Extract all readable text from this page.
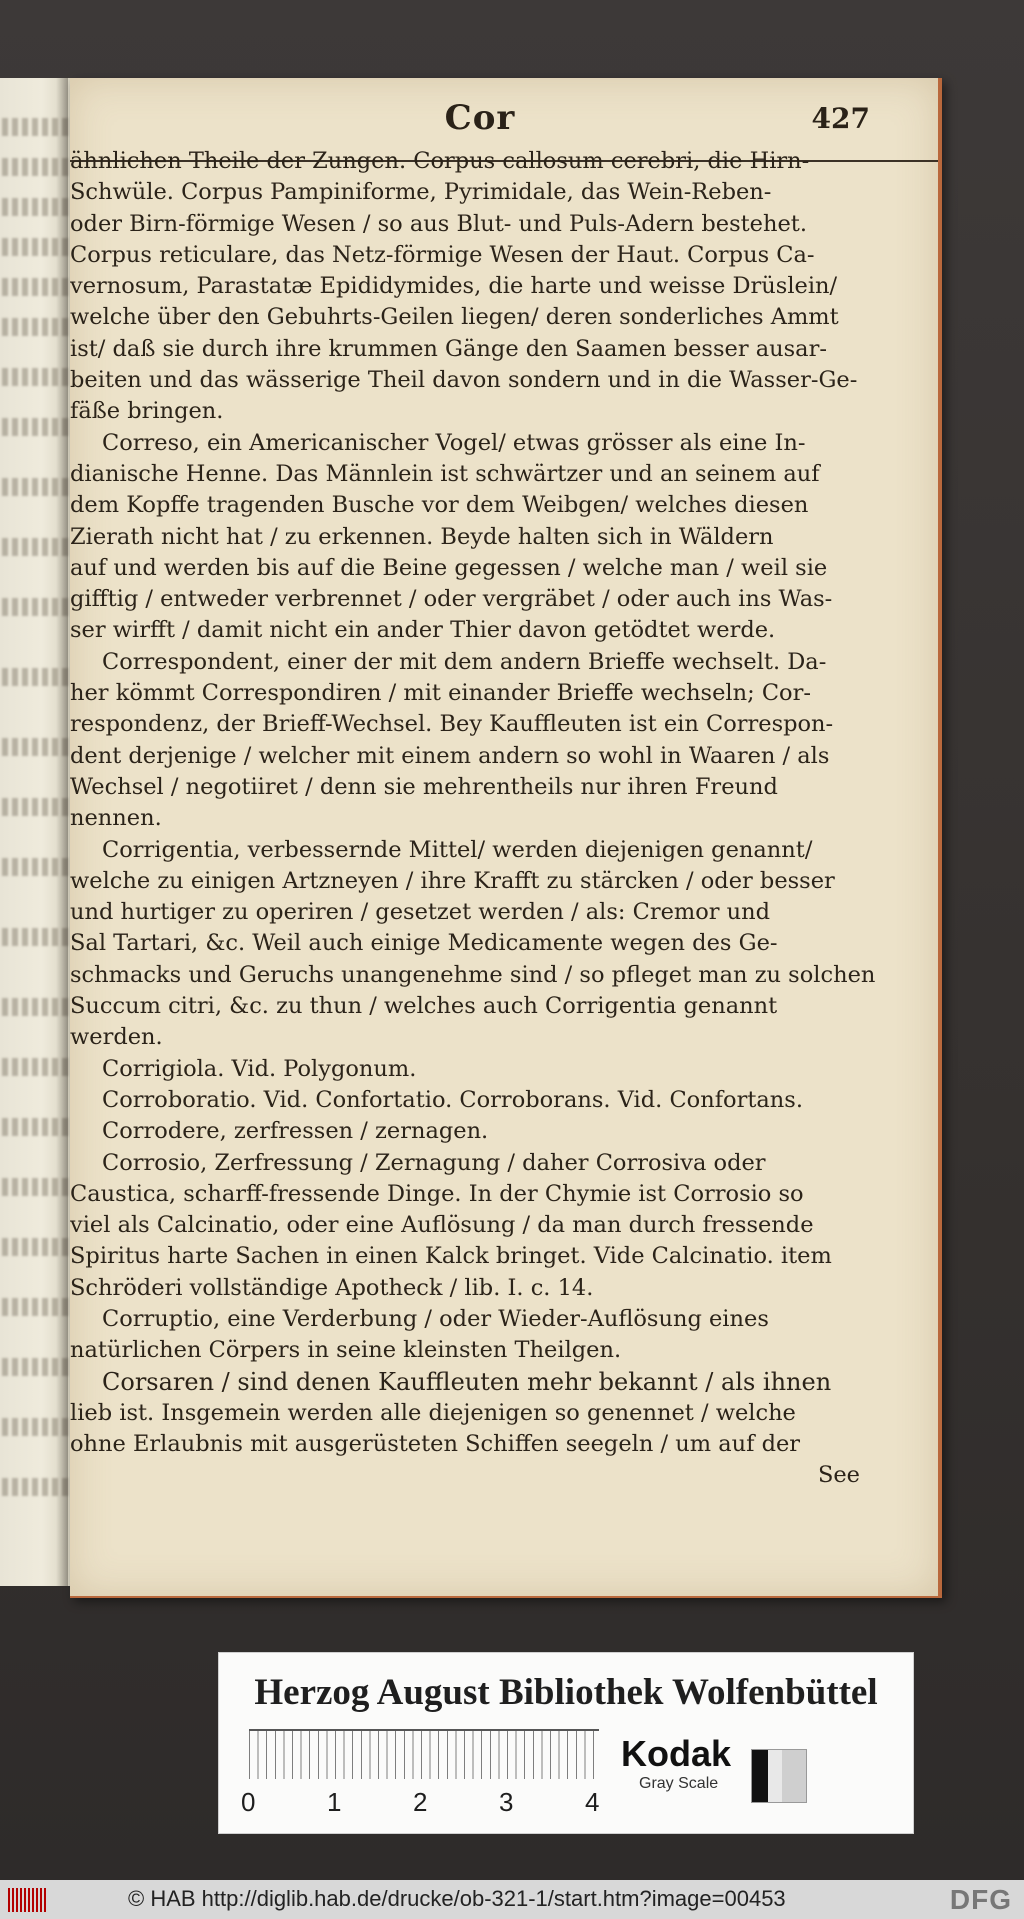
Cor	427
ähnlichen Theile der Zungen. Corpus callosum cerebri, die Hirn-
Schwüle. Corpus Pampiniforme, Pyrimidale, das Wein-Reben-
oder Birn-förmige Wesen / so aus Blut- und Puls-Adern bestehet.
Corpus reticulare, das Netz-förmige Wesen der Haut. Corpus Ca-
vernosum, Parastatæ Epididymides, die harte und weisse Drüslein/
welche über den Gebuhrts-Geilen liegen/ deren sonderliches Ammt
ist/ daß sie durch ihre krummen Gänge den Saamen besser ausar-
beiten und das wässerige Theil davon sondern und in die Wasser-Ge-
fäße bringen.
Correso, ein Americanischer Vogel/ etwas grösser als eine In-
dianische Henne. Das Männlein ist schwärtzer und an seinem auf
dem Kopffe tragenden Busche vor dem Weibgen/ welches diesen
Zierath nicht hat / zu erkennen. Beyde halten sich in Wäldern
auf und werden bis auf die Beine gegessen / welche man / weil sie
gifftig / entweder verbrennet / oder vergräbet / oder auch ins Was-
ser wirfft / damit nicht ein ander Thier davon getödtet werde.
Correspondent, einer der mit dem andern Brieffe wechselt. Da-
her kömmt Correspondiren / mit einander Brieffe wechseln; Cor-
respondenz, der Brieff-Wechsel. Bey Kauffleuten ist ein Correspon-
dent derjenige / welcher mit einem andern so wohl in Waaren / als
Wechsel / negotiiret / denn sie mehrentheils nur ihren Freund
nennen.
Corrigentia, verbessernde Mittel/ werden diejenigen genannt/
welche zu einigen Artzneyen / ihre Krafft zu stärcken / oder besser
und hurtiger zu operiren / gesetzet werden / als: Cremor und
Sal Tartari, &c. Weil auch einige Medicamente wegen des Ge-
schmacks und Geruchs unangenehme sind / so pfleget man zu solchen
Succum citri, &c. zu thun / welches auch Corrigentia genannt
werden.
Corrigiola. Vid. Polygonum.
Corroboratio. Vid. Confortatio. Corroborans. Vid. Confortans.
Corrodere, zerfressen / zernagen.
Corrosio, Zerfressung / Zernagung / daher Corrosiva oder
Caustica, scharff-fressende Dinge. In der Chymie ist Corrosio so
viel als Calcinatio, oder eine Auflösung / da man durch fressende
Spiritus harte Sachen in einen Kalck bringet. Vide Calcinatio. item
Schröderi vollständige Apotheck / lib. I. c. 14.
Corruptio, eine Verderbung / oder Wieder-Auflösung eines
natürlichen Cörpers in seine kleinsten Theilgen.
Corsaren / sind denen Kauffleuten mehr bekannt / als ihnen
lieb ist. Insgemein werden alle diejenigen so genennet / welche
ohne Erlaubnis mit ausgerüsteten Schiffen seegeln / um auf der
See
Herzog August Bibliothek Wolfenbüttel
0	1	2	3	4
Kodak
Gray Scale
© HAB http://diglib.hab.de/drucke/ob-321-1/start.htm?image=00453	DFG
